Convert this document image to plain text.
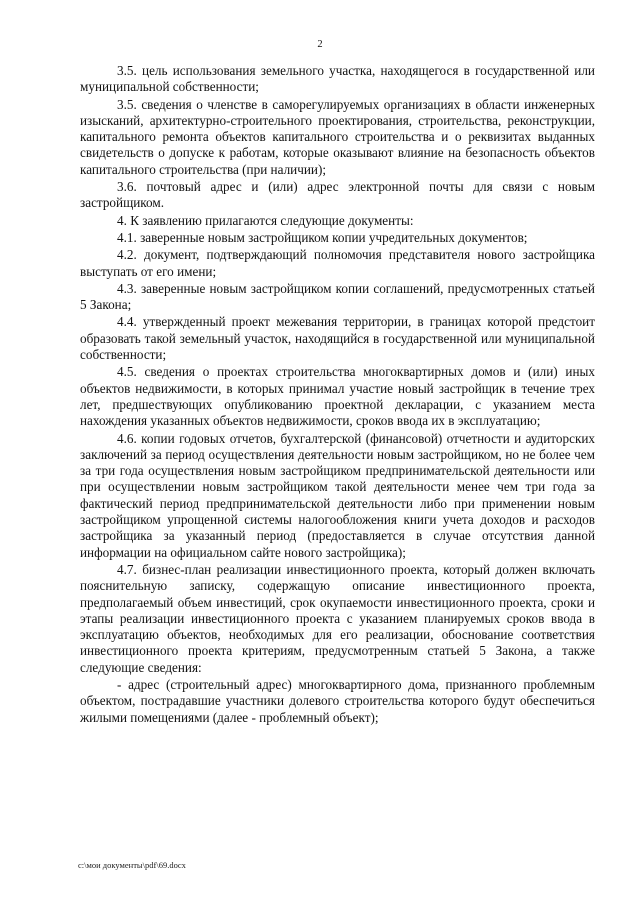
2

3.5. цель использования земельного участка, находящегося в государственной или муниципальной собственности;

3.5. сведения о членстве в саморегулируемых организациях в области инженерных изысканий, архитектурно-строительного проектирования, строительства, реконструкции, капитального ремонта объектов капитального строительства и о реквизитах выданных свидетельств о допуске к работам, которые оказывают влияние на безопасность объектов капитального строительства (при наличии);

3.6. почтовый адрес и (или) адрес электронной почты для связи с новым застройщиком.

4. К заявлению прилагаются следующие документы:

4.1. заверенные новым застройщиком копии учредительных документов;

4.2. документ, подтверждающий полномочия представителя нового застройщика выступать от его имени;

4.3. заверенные новым застройщиком копии соглашений, предусмотренных статьей 5 Закона;

4.4. утвержденный проект межевания территории, в границах которой предстоит образовать такой земельный участок, находящийся в государственной или муниципальной собственности;

4.5. сведения о проектах строительства многоквартирных домов и (или) иных объектов недвижимости, в которых принимал участие новый застройщик в течение трех лет, предшествующих опубликованию проектной декларации, с указанием места нахождения указанных объектов недвижимости, сроков ввода их в эксплуатацию;

4.6. копии годовых отчетов, бухгалтерской (финансовой) отчетности и аудиторских заключений за период осуществления деятельности новым застройщиком, но не более чем за три года осуществления новым застройщиком предпринимательской деятельности или при осуществлении новым застройщиком такой деятельности менее чем три года за фактический период предпринимательской деятельности либо при применении новым застройщиком упрощенной системы налогообложения книги учета доходов и расходов застройщика за указанный период (предоставляется в случае отсутствия данной информации на официальном сайте нового застройщика);

4.7. бизнес-план реализации инвестиционного проекта, который должен включать пояснительную записку, содержащую описание инвестиционного проекта, предполагаемый объем инвестиций, срок окупаемости инвестиционного проекта, сроки и этапы реализации инвестиционного проекта с указанием планируемых сроков ввода в эксплуатацию объектов, необходимых для его реализации, обоснование соответствия инвестиционного проекта критериям, предусмотренным статьей 5 Закона, а также следующие сведения:

- адрес (строительный адрес) многоквартирного дома, признанного проблемным объектом, пострадавшие участники долевого строительства которого будут обеспечиться жилыми помещениями (далее - проблемный объект);

c:\мои документы\pdf\69.docx
